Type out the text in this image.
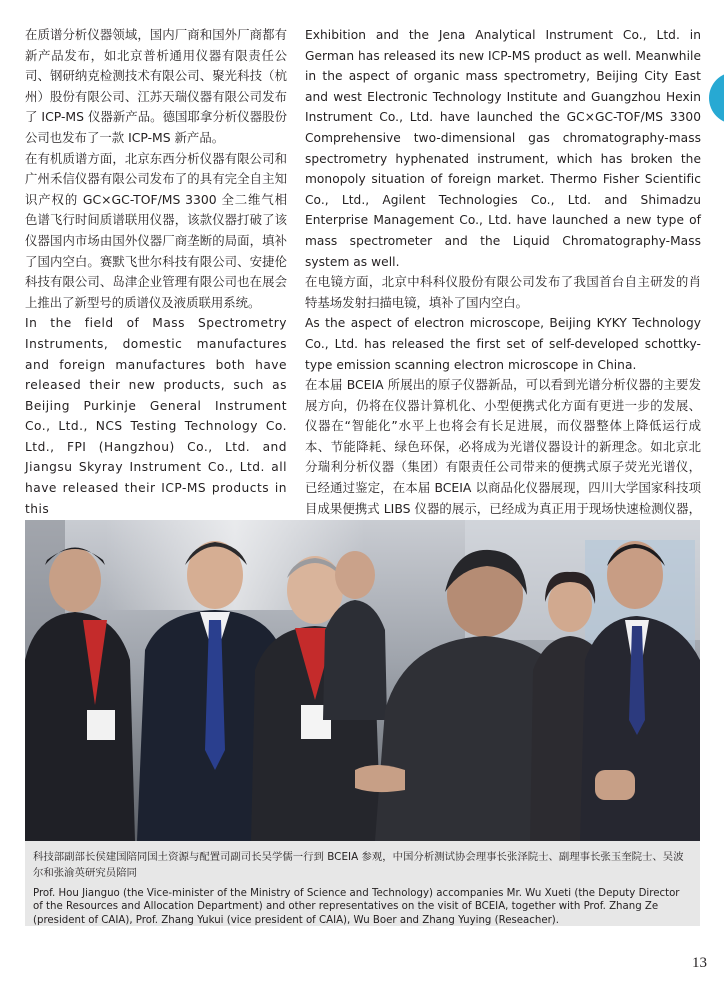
在质谱分析仪器领域，国内厂商和国外厂商都有新产品发布，如北京普析通用仪器有限责任公司、钢研纳克检测技术有限公司、聚光科技（杭州）股份有限公司、江苏天瑞仪器有限公司发布了 ICP-MS 仪器新产品。德国耶拿分析仪器股份公司也发布了一款 ICP-MS 新产品。

在有机质谱方面，北京东西分析仪器有限公司和广州禾信仪器有限公司发布了的具有完全自主知识产权的 GC×GC-TOF/MS 3300 全二维气相色谱飞行时间质谱联用仪器，该款仪器打破了该仪器国内市场由国外仪器厂商垄断的局面，填补了国内空白。赛默飞世尔科技有限公司、安捷伦科技有限公司、岛津企业管理有限公司也在展会上推出了新型号的质谱仪及液质联用系统。

In the field of Mass Spectrometry Instruments, domestic manufactures and foreign manufactures both have released their new products, such as Beijing Purkinje General Instrument Co., Ltd., NCS Testing Technology Co. Ltd., FPI (Hangzhou) Co., Ltd. and Jiangsu Skyray Instrument Co., Ltd. all have released their ICP-MS products in this

Exhibition and the Jena Analytical Instrument Co., Ltd. in German has released its new ICP-MS product as well. Meanwhile in the aspect of organic mass spectrometry, Beijing City East and west Electronic Technology Institute and Guangzhou Hexin Instrument Co., Ltd. have launched the GC×GC-TOF/MS 3300 Comprehensive two-dimensional gas chromatography-mass spectrometry hyphenated instrument, which has broken the monopoly situation of foreign market. Thermo Fisher Scientific Co., Ltd., Agilent Technologies Co., Ltd. and Shimadzu Enterprise Management Co., Ltd. have launched a new type of mass spectrometer and the Liquid Chromatography-Mass system as well.

在电镜方面，北京中科科仪股份有限公司发布了我国首台自主研发的肖特基场发射扫描电镜，填补了国内空白。

As the aspect of electron microscope, Beijing KYKY Technology Co., Ltd. has released the first set of self-developed schottky-type emission scanning electron microscope in China.

在本届 BCEIA 所展出的原子仪器新品，可以看到光谱分析仪器的主要发展方向，仍将在仪器计算机化、小型便携式化方面有更进一步的发展、仪器在“智能化”水平上也将会有长足进展，而仪器整体上降低运行成本、节能降耗、绿色环保，必将成为光谱仪器设计的新理念。如北京北分瑞利分析仪器（集团）有限责任公司带来的便携式原子荧光光谱仪，已经通过鉴定，在本届 BCEIA 以商品化仪器展现，四川大学国家科技项目成果便携式 LIBS 仪器的展示，已经成为真正用于现场快速检测仪器，

科技部副部长侯建国陪同国土资源与配置司副司长吴学儒一行到 BCEIA 参观，中国分析测试协会理事长张泽院士、副理事长张玉奎院士、吴波尔和张渝英研究员陪同

Prof. Hou Jianguo (the Vice-minister of the Ministry of Science and Technology) accompanies Mr. Wu Xueti (the Deputy Director of the Resources and Allocation Department) and other representatives on the visit of BCEIA, together with Prof. Zhang Ze (president of CAIA), Prof. Zhang Yukui (vice president of CAIA), Wu Boer and Zhang Yuying (Reseacher).

13
